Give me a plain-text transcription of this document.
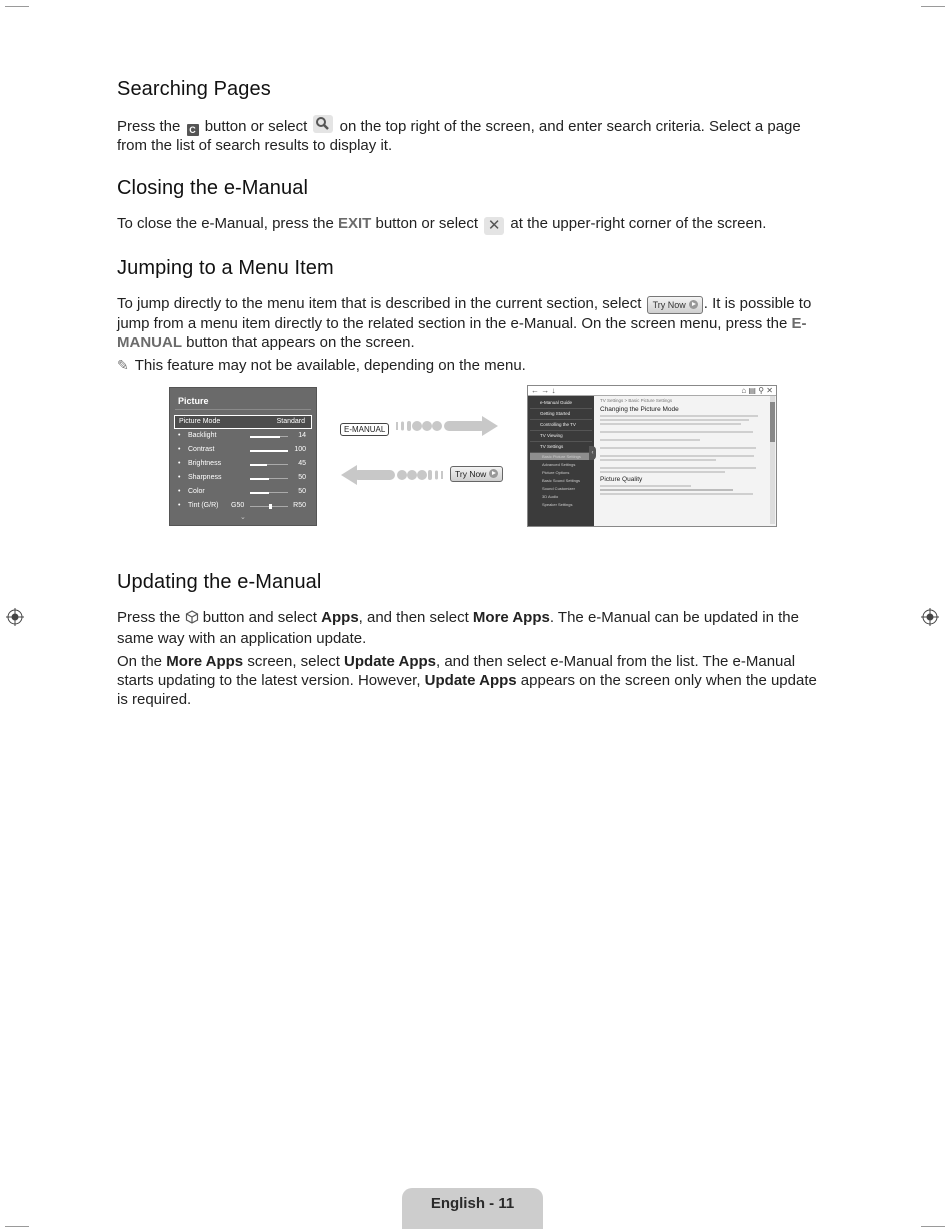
Searching Pages

Press the C button or select on the top right of the screen, and enter search criteria. Select a page from the list of search results to display it.

Closing the e-Manual

To close the e-Manual, press the EXIT button or select ✕ at the upper-right corner of the screen.

Jumping to a Menu Item

To jump directly to the menu item that is described in the current section, select Try Now . It is possible to jump from a menu item directly to the related section in the e-Manual. On the screen menu, press the E-MANUAL button that appears on the screen.

✎ This feature may not be available, depending on the menu.
Picture
Picture Mode	Standard
• Backlight	14
• Contrast	100
• Brightness	45
• Sharpness	50
• Color	50
• Tint (G/R) G50	R50
⌄
E-MANUAL
Try Now
← → ↓	⌂ ▤ ⚲ ✕
e-Manual Guide
Getting Started
Controlling the TV
TV Viewing
TV Settings
Basic Picture Settings
Advanced Settings
Picture Options
Basic Sound Settings
Sound Customizer
3D Audio
Speaker Settings
‹
TV Settings > Basic Picture Settings
Changing the Picture Mode
Picture Quality
Updating the e-Manual

Press the button and select Apps, and then select More Apps. The e-Manual can be updated in the same way with an application update.

On the More Apps screen, select Update Apps, and then select e-Manual from the list. The e-Manual starts updating to the latest version. However, Update Apps appears on the screen only when the update is required.

English - 11
